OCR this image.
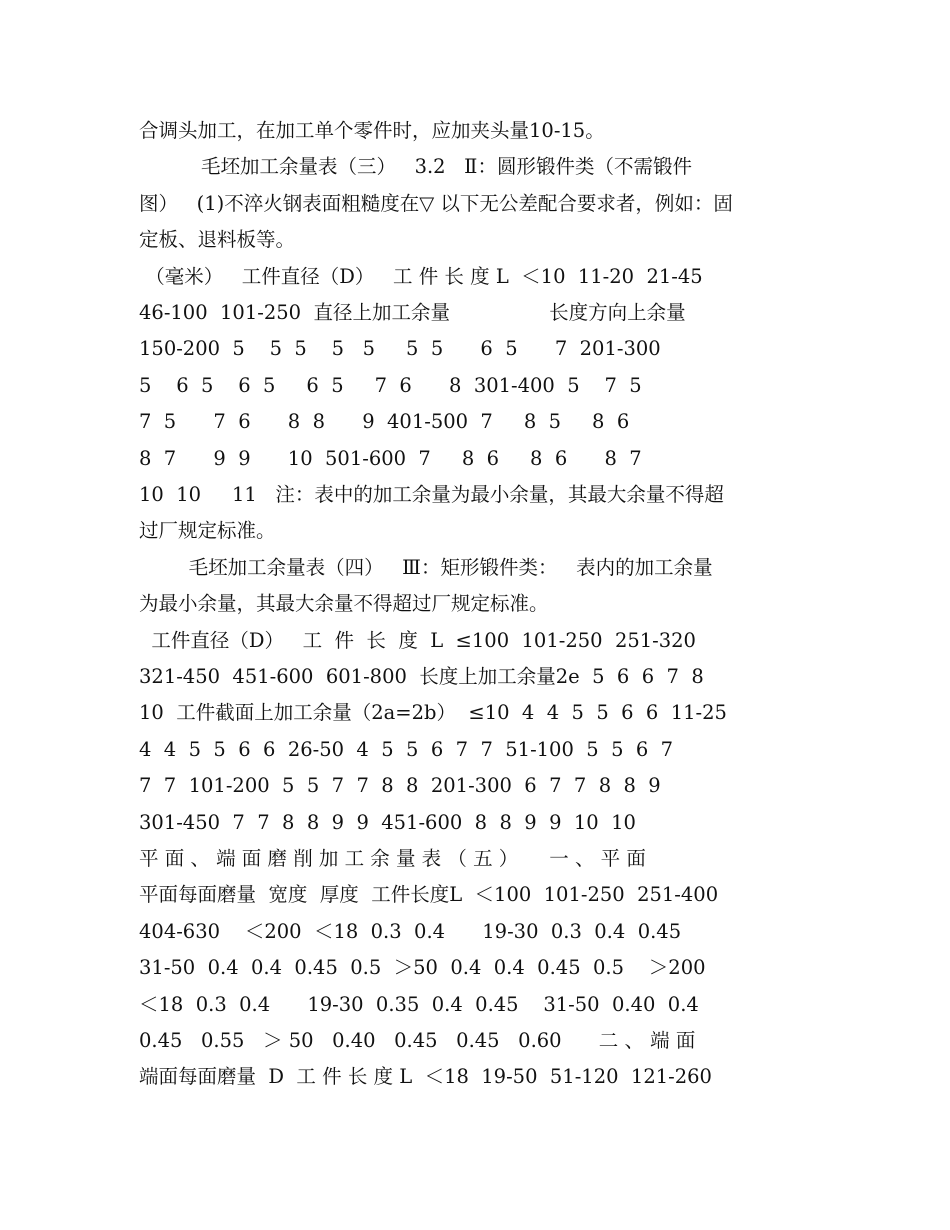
合调头加工，在加工单个零件时，应加夹头量10-15。
毛坯加工余量表（三）   3.2   Ⅱ：圆形锻件类（不需锻件
图）   (1)不淬火钢表面粗糙度在▽ 以下无公差配合要求者，例如：固
定板、退料板等。
（毫米）   工件直径（D）   工 件 长 度 L  ＜10  11-20  21-45
46-100  101-250  直径上加工余量                长度方向上余量
150-200  5    5  5    5   5     5  5      6  5      7  201-300
5    6  5    6  5     6  5     7  6      8  301-400  5    7  5
7  5      7  6      8  8      9  401-500  7     8  5     8  6
8  7      9  9      10  501-600  7     8  6     8  6      8  7
10  10     11   注：表中的加工余量为最小余量，其最大余量不得超
过厂规定标准。
毛坯加工余量表（四）   Ⅲ：矩形锻件类：   表内的加工余量
为最小余量，其最大余量不得超过厂规定标准。
工件直径（D）   工  件  长  度  L  ≤100  101-250  251-320
321-450  451-600  601-800  长度上加工余量2e  5  6  6  7  8
10  工件截面上加工余量（2a=2b）  ≤10  4  4  5  5  6  6  11-25
4  4  5  5  6  6  26-50  4  5  5  6  7  7  51-100  5  5  6  7
7  7  101-200  5  5  7  7  8  8  201-300  6  7  7  8  8  9
301-450  7  7  8  8  9  9  451-600  8  8  9  9  10  10
平 面 、 端 面 磨 削 加 工 余 量 表 （ 五 ）     一 、 平 面
平面每面磨量  宽度  厚度  工件长度L  ＜100  101-250  251-400
404-630    ＜200  ＜18  0.3  0.4      19-30  0.3  0.4  0.45
31-50  0.4  0.4  0.45  0.5  ＞50  0.4  0.4  0.45  0.5    ＞200
＜18  0.3  0.4      19-30  0.35  0.4  0.45    31-50  0.40  0.4
0.45   0.55   ＞ 50   0.40   0.45   0.45   0.60      二 、 端 面
端面每面磨量  D  工 件 长 度 L  ＜18  19-50  51-120  121-260
